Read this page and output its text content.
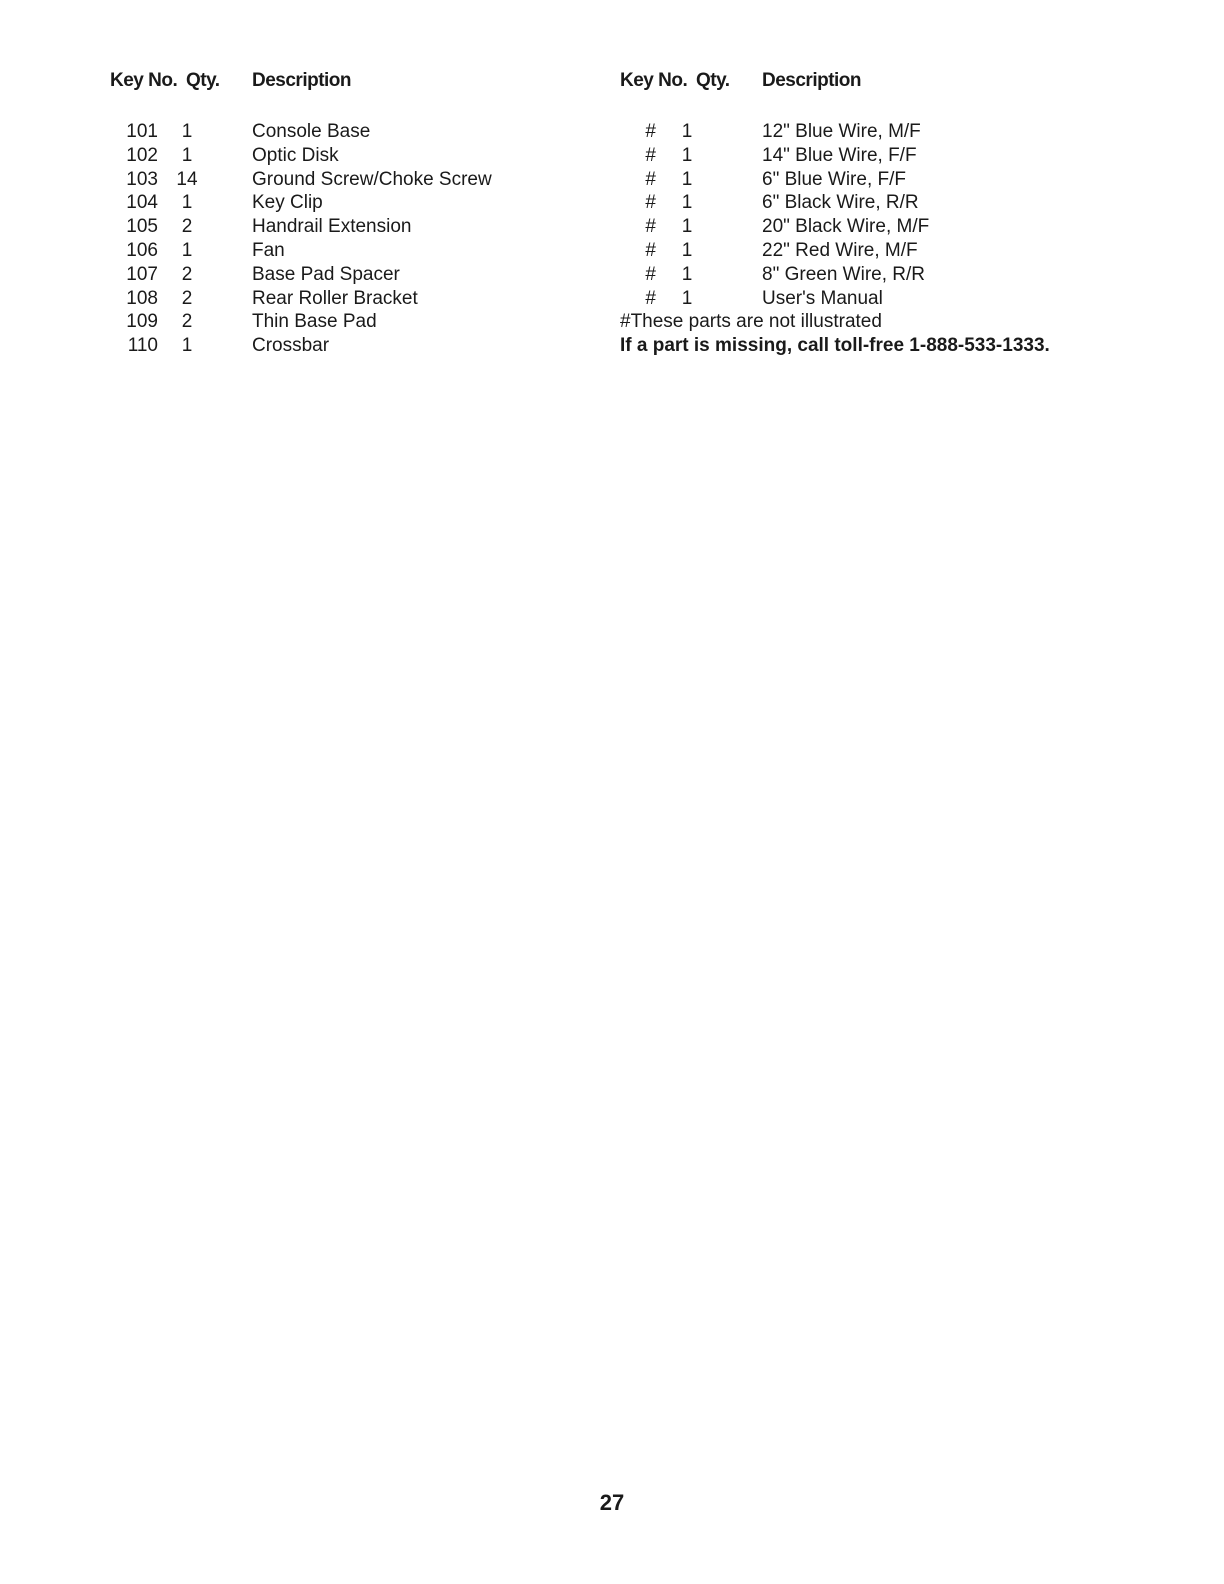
Key No. Qty.	Description
101	1	Console Base
102	1	Optic Disk
103 14	Ground Screw/Choke Screw
104	1	Key Clip
105	2	Handrail Extension
106	1	Fan
107	2	Base Pad Spacer
108	2	Rear Roller Bracket
109	2	Thin Base Pad
110	1	Crossbar
Key No. Qty.	Description
#	1	12" Blue Wire, M/F
#	1	14" Blue Wire, F/F
#	1	6" Blue Wire, F/F
#	1	6" Black Wire, R/R
#	1	20" Black Wire, M/F
#	1	22" Red Wire, M/F
#	1	8" Green Wire, R/R
#	1	User's Manual
#These parts are not illustrated
If a part is missing, call toll-free 1-888-533-1333.
27
